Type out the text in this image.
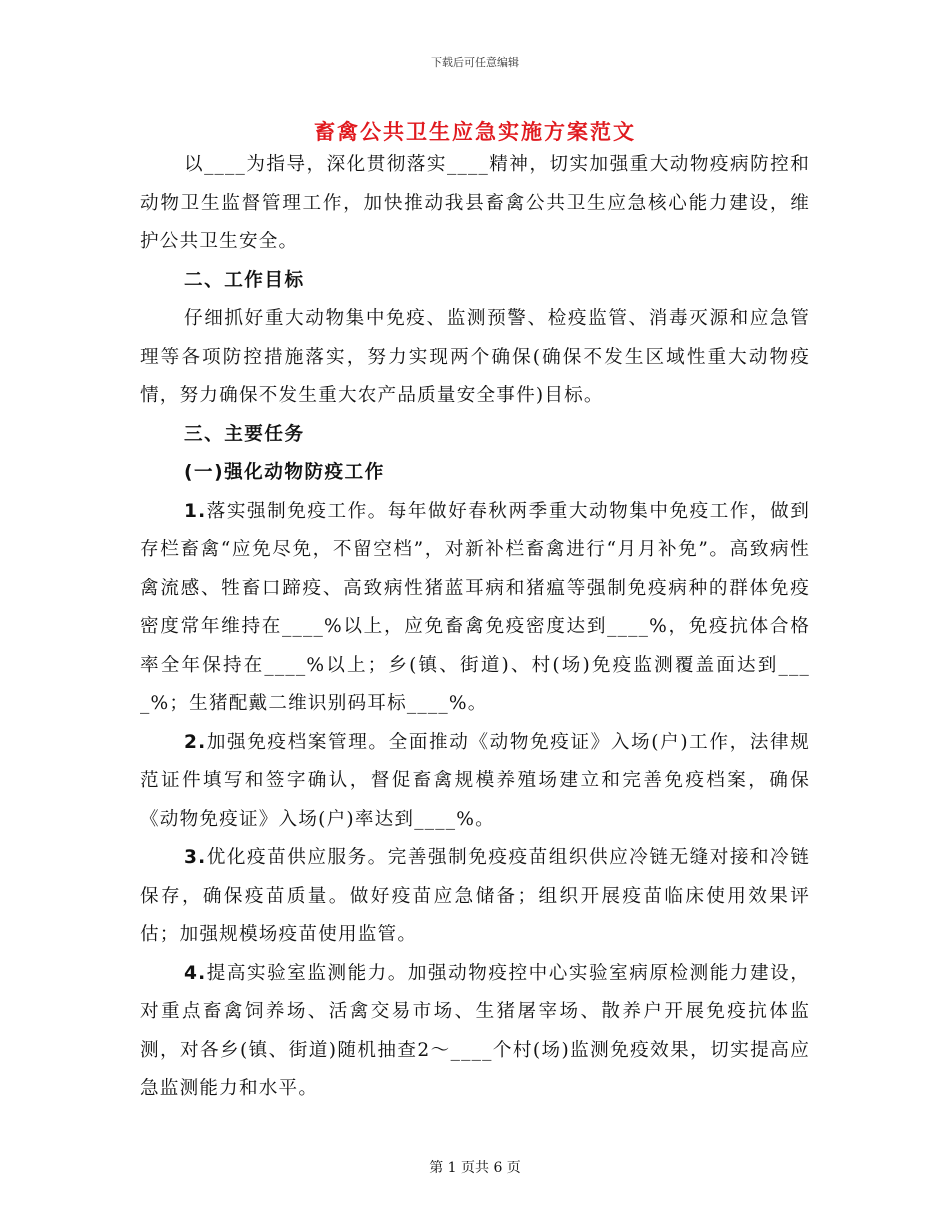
下载后可任意编辑
畜禽公共卫生应急实施方案范文

以____为指导，深化贯彻落实____精神，切实加强重大动物疫病防控和动物卫生监督管理工作，加快推动我县畜禽公共卫生应急核心能力建设，维护公共卫生安全。

二、工作目标

仔细抓好重大动物集中免疫、监测预警、检疫监管、消毒灭源和应急管理等各项防控措施落实，努力实现两个确保(确保不发生区域性重大动物疫情，努力确保不发生重大农产品质量安全事件)目标。

三、主要任务

(一)强化动物防疫工作

1.落实强制免疫工作。每年做好春秋两季重大动物集中免疫工作，做到存栏畜禽“应免尽免，不留空档”，对新补栏畜禽进行“月月补免”。高致病性禽流感、牲畜口蹄疫、高致病性猪蓝耳病和猪瘟等强制免疫病种的群体免疫密度常年维持在____%以上，应免畜禽免疫密度达到____%，免疫抗体合格率全年保持在____%以上；乡(镇、街道)、村(场)免疫监测覆盖面达到____%；生猪配戴二维识别码耳标____%。

2.加强免疫档案管理。全面推动《动物免疫证》入场(户)工作，法律规范证件填写和签字确认，督促畜禽规模养殖场建立和完善免疫档案，确保《动物免疫证》入场(户)率达到____%。

3.优化疫苗供应服务。完善强制免疫疫苗组织供应冷链无缝对接和冷链保存，确保疫苗质量。做好疫苗应急储备；组织开展疫苗临床使用效果评估；加强规模场疫苗使用监管。

4.提高实验室监测能力。加强动物疫控中心实验室病原检测能力建设，对重点畜禽饲养场、活禽交易市场、生猪屠宰场、散养户开展免疫抗体监测，对各乡(镇、街道)随机抽查2～____个村(场)监测免疫效果，切实提高应急监测能力和水平。

第 1 页共 6 页
